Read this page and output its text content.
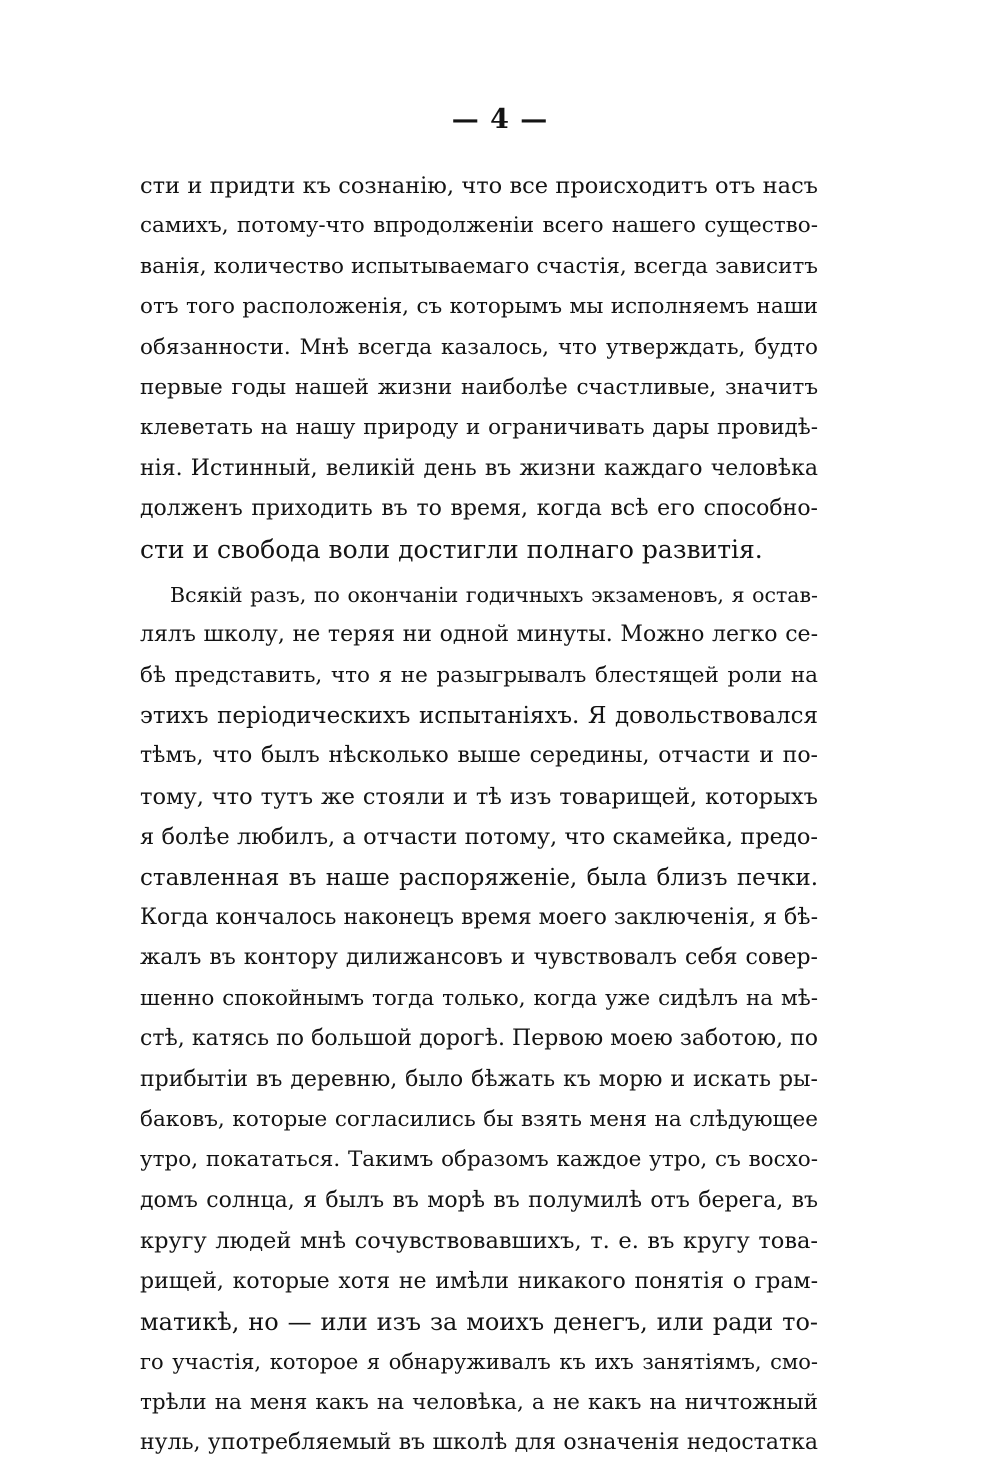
— 4 —
сти и придти къ сознанію, что все происходитъ отъ насъ
самихъ, потому-что впродолженіи всего нашего существо-
ванія, количество испытываемаго счастія, всегда зависитъ
отъ того расположенія, съ которымъ мы исполняемъ наши
обязанности. Мнѣ всегда казалось, что утверждать, будто
первые годы нашей жизни наиболѣе счастливые, значитъ
клеветать на нашу природу и ограничивать дары провидѣ-
нія. Истинный, великій день въ жизни каждаго человѣка
долженъ приходить въ то время, когда всѣ его способно-
сти и свобода воли достигли полнаго развитія.
Всякій разъ, по окончаніи годичныхъ экзаменовъ, я остав-
лялъ школу, не теряя ни одной минуты. Можно легко се-
бѣ представить, что я не разыгрывалъ блестящей роли на
этихъ періодическихъ испытаніяхъ. Я довольствовался
тѣмъ, что былъ нѣсколько выше середины, отчасти и по-
тому, что тутъ же стояли и тѣ изъ товарищей, которыхъ
я болѣе любилъ, а отчасти потому, что скамейка, предо-
ставленная въ наше распоряженіе, была близъ печки.
Когда кончалось наконецъ время моего заключенія, я бѣ-
жалъ въ контору дилижансовъ и чувствовалъ себя совер-
шенно спокойнымъ тогда только, когда уже сидѣлъ на мѣ-
стѣ, катясь по большой дорогѣ. Первою моею заботою, по
прибытіи въ деревню, было бѣжать къ морю и искать ры-
баковъ, которые согласились бы взять меня на слѣдующее
утро, покататься. Такимъ образомъ каждое утро, съ восхо-
домъ солнца, я былъ въ морѣ въ полумилѣ отъ берега, въ
кругу людей мнѣ сочувствовавшихъ, т. е. въ кругу това-
рищей, которые хотя не имѣли никакого понятія о грам-
матикѣ, но — или изъ за моихъ денегъ, или ради то-
го участія, которое я обнаруживалъ къ ихъ занятіямъ, смо-
трѣли на меня какъ на человѣка, а не какъ на ничтожный
нуль, употребляемый въ школѣ для означенія недостатка
